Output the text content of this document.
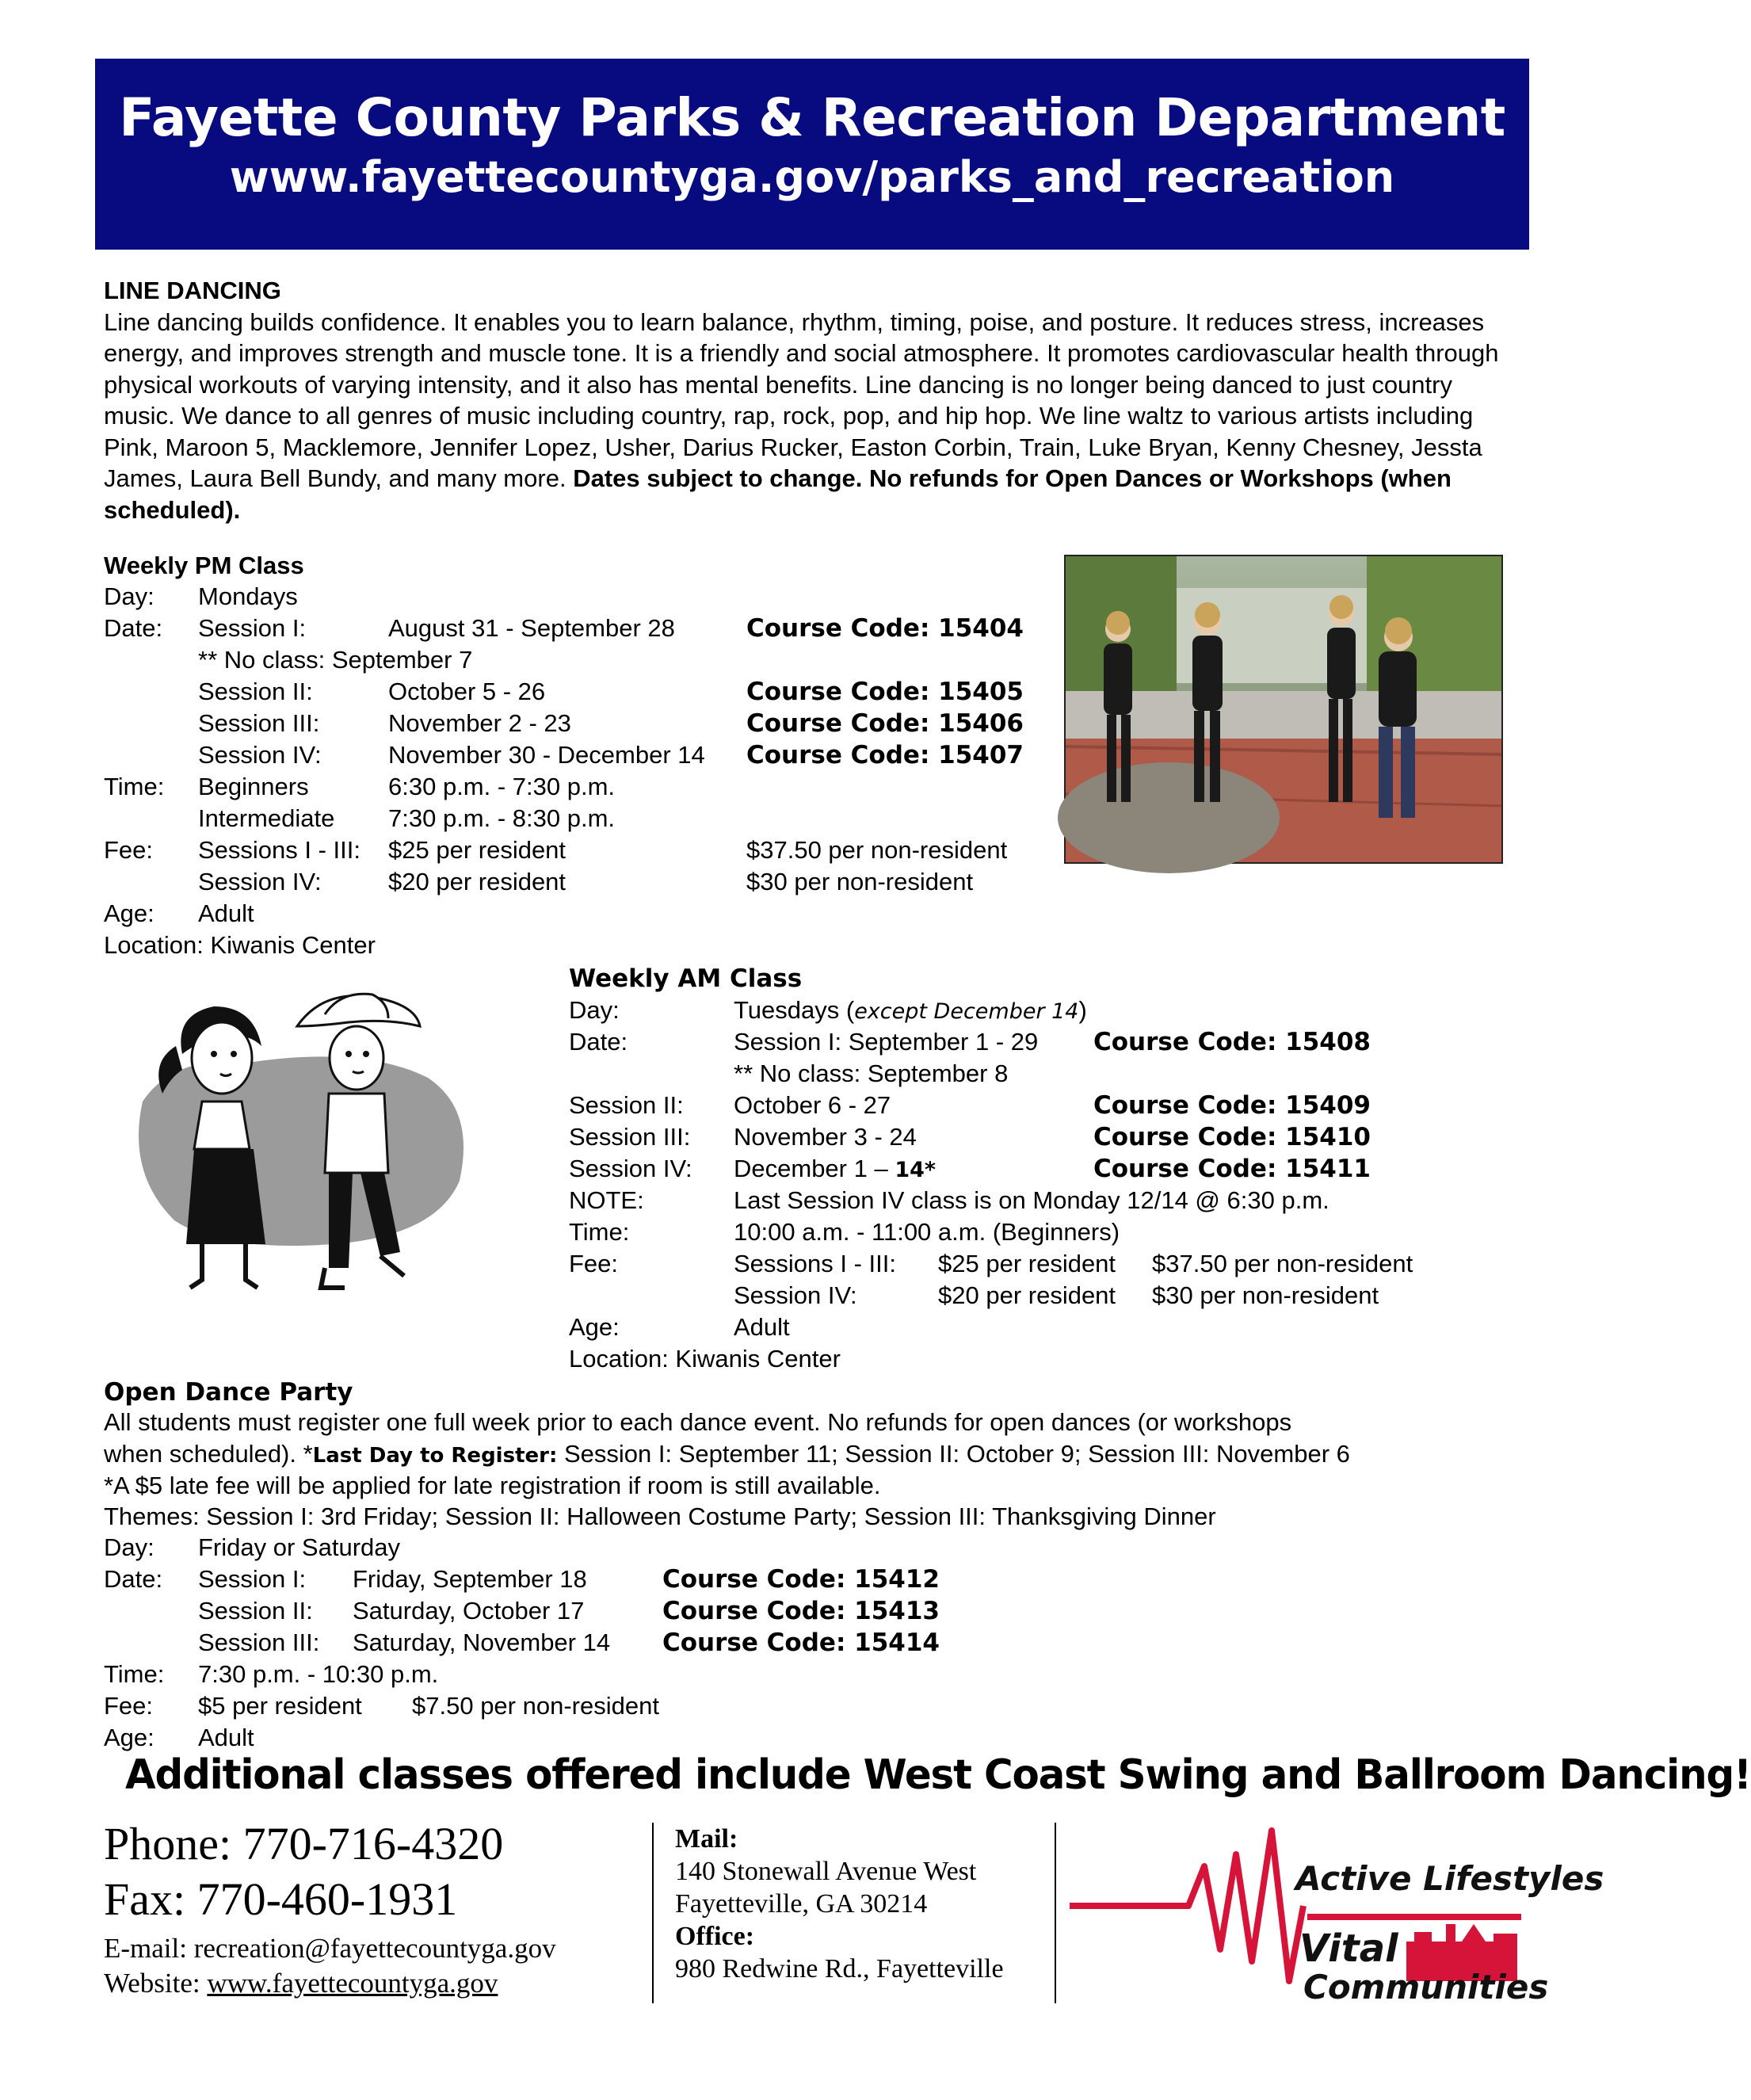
Fayette County Parks & Recreation Department
www.fayettecountyga.gov/parks_and_recreation

LINE DANCING

Line dancing builds confidence. It enables you to learn balance, rhythm, timing, poise, and posture. It reduces stress, increases energy, and improves strength and muscle tone. It is a friendly and social atmosphere. It promotes cardiovascular health through physical workouts of varying intensity, and it also has mental benefits. Line dancing is no longer being danced to just country music. We dance to all genres of music including country, rap, rock, pop, and hip hop. We line waltz to various artists including Pink, Maroon 5, Macklemore, Jennifer Lopez, Usher, Darius Rucker, Easton Corbin, Train, Luke Bryan, Kenny Chesney, Jessta James, Laura Bell Bundy, and many more. Dates subject to change. No refunds for Open Dances or Workshops (when scheduled).

Weekly PM Class
Day: Mondays
Date: Session I:	August 31 - September 28	Course Code: 15404
** No class: September 7
Session II:	October 5 - 26	Course Code: 15405
Session III:	November 2 - 23	Course Code: 15406
Session IV:	November 30 - December 14 Course Code: 15407
Time: Beginners	6:30 p.m. - 7:30 p.m.
Intermediate 7:30 p.m. - 8:30 p.m.
Fee: Sessions I - III: $25 per resident	$37.50 per non-resident
Session IV:	$20 per resident	$30 per non-resident
Age: Adult
Location: Kiwanis Center
Weekly AM Class
Day:	Tuesdays (except December 14)
Date:	Session I: September 1 - 29 Course Code: 15408
** No class: September 8
Session II: October 6 - 27	Course Code: 15409
Session III: November 3 - 24	Course Code: 15410
Session IV: December 1 – 14*	Course Code: 15411
NOTE:	Last Session IV class is on Monday 12/14 @ 6:30 p.m.
Time:	10:00 a.m. - 11:00 a.m. (Beginners)
Fee:	Sessions I - III: $25 per resident $37.50 per non-resident
Session IV:	$20 per resident $30 per non-resident
Age:	Adult
Location: Kiwanis Center
Open Dance Party
All students must register one full week prior to each dance event. No refunds for open dances (or workshops
when scheduled). *Last Day to Register: Session I: September 11; Session II: October 9; Session III: November 6
*A $5 late fee will be applied for late registration if room is still available.
Themes: Session I: 3rd Friday; Session II: Halloween Costume Party; Session III: Thanksgiving Dinner
Day: Friday or Saturday
Date: Session I: Friday, September 18	Course Code: 15412
Session II: Saturday, October 17	Course Code: 15413
Session III: Saturday, November 14 Course Code: 15414
Time: 7:30 p.m. - 10:30 p.m.
Fee: $5 per resident $7.50 per non-resident
Age: Adult
Additional classes offered include West Coast Swing and Ballroom Dancing!
Phone: 770-716-4320
Fax: 770-460-1931
E-mail: recreation@fayettecountyga.gov
Website: www.fayettecountyga.gov
Mail:
140 Stonewall Avenue West
Fayetteville, GA 30214
Office:
980 Redwine Rd., Fayetteville
Active Lifestyles
Vital
Communities
